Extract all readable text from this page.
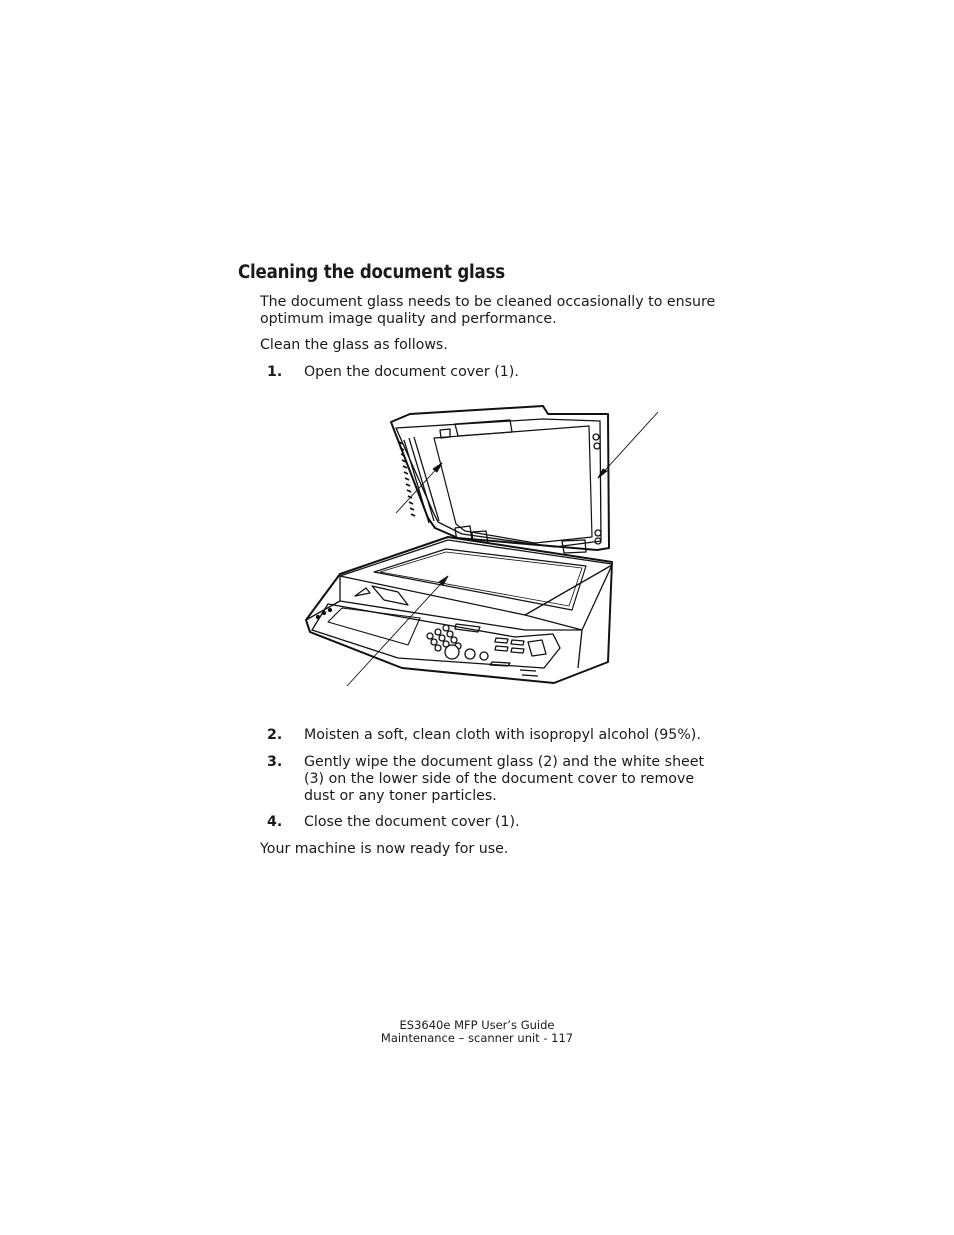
Cleaning the document glass

The document glass needs to be cleaned occasionally to ensure optimum image quality and performance.

Clean the glass as follows.

1. Open the document cover (1).
2. Moisten a soft, clean cloth with isopropyl alcohol (95%).
3. Gently wipe the document glass (2) and the white sheet (3) on the lower side of the document cover to remove dust or any toner particles.
4. Close the document cover (1).

Your machine is now ready for use.

ES3640e MFP User’s Guide
Maintenance – scanner unit - 117
